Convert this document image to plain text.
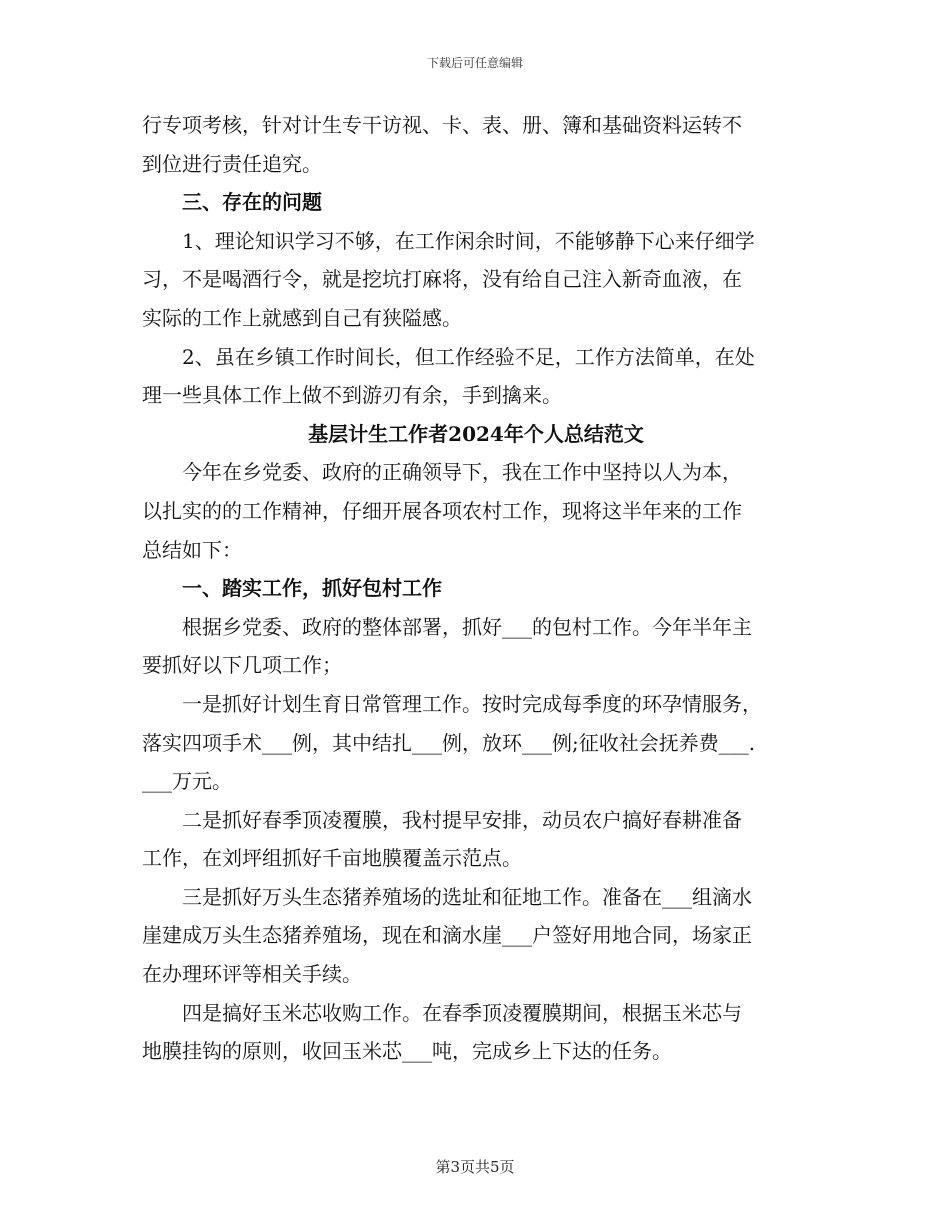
下载后可任意编辑

行专项考核，针对计生专干访视、卡、表、册、簿和基础资料运转不
到位进行责任追究。

三、存在的问题

1、理论知识学习不够，在工作闲余时间，不能够静下心来仔细学
习，不是喝酒行令，就是挖坑打麻将，没有给自己注入新奇血液，在
实际的工作上就感到自己有狭隘感。

2、虽在乡镇工作时间长，但工作经验不足，工作方法简单，在处
理一些具体工作上做不到游刃有余，手到擒来。

基层计生工作者2024年个人总结范文

今年在乡党委、政府的正确领导下，我在工作中坚持以人为本，
以扎实的的工作精神，仔细开展各项农村工作，现将这半年来的工作
总结如下：

一、踏实工作，抓好包村工作

根据乡党委、政府的整体部署，抓好___的包村工作。今年半年主
要抓好以下几项工作；

一是抓好计划生育日常管理工作。按时完成每季度的环孕情服务，
落实四项手术___例，其中结扎___例，放环___例;征收社会抚养费___.
___万元。

二是抓好春季顶凌覆膜，我村提早安排，动员农户搞好春耕准备
工作，在刘坪组抓好千亩地膜覆盖示范点。

三是抓好万头生态猪养殖场的选址和征地工作。准备在___组滴水
崖建成万头生态猪养殖场，现在和滴水崖___户签好用地合同，场家正
在办理环评等相关手续。

四是搞好玉米芯收购工作。在春季顶凌覆膜期间，根据玉米芯与
地膜挂钩的原则，收回玉米芯___吨，完成乡上下达的任务。

第3页共5页
